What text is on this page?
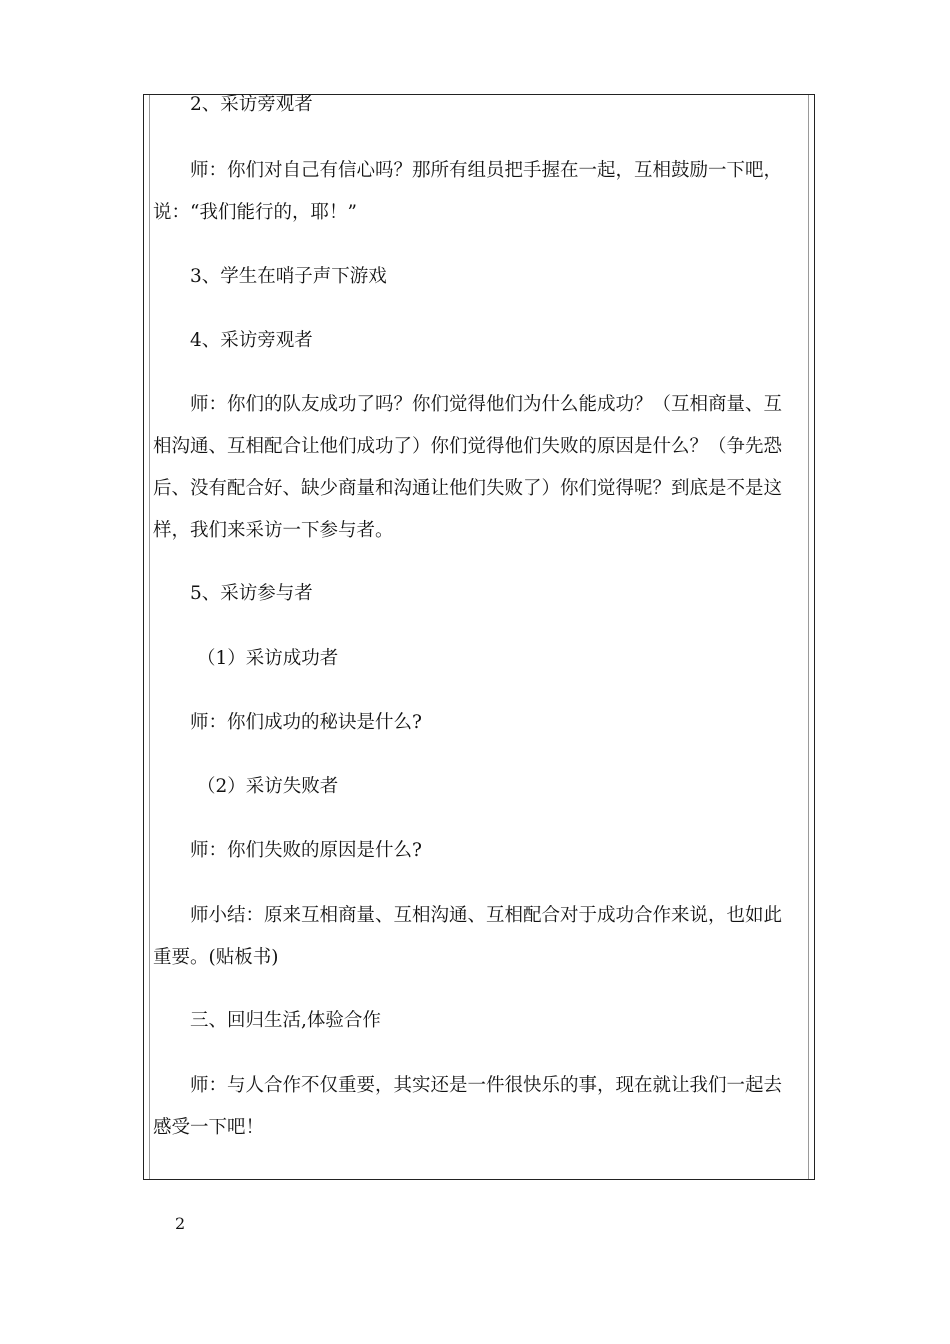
2、采访旁观者
师：你们对自己有信心吗？那所有组员把手握在一起，互相鼓励一下吧，
说：“我们能行的，耶！”
3、学生在哨子声下游戏
4、采访旁观者
师：你们的队友成功了吗？你们觉得他们为什么能成功？（互相商量、互
相沟通、互相配合让他们成功了）你们觉得他们失败的原因是什么？（争先恐
后、没有配合好、缺少商量和沟通让他们失败了）你们觉得呢？到底是不是这
样，我们来采访一下参与者。
5、采访参与者
（1）采访成功者
师：你们成功的秘诀是什么?
（2）采访失败者
师：你们失败的原因是什么?
师小结：原来互相商量、互相沟通、互相配合对于成功合作来说，也如此
重要。(贴板书)
三、回归生活,体验合作
师：与人合作不仅重要，其实还是一件很快乐的事，现在就让我们一起去
感受一下吧！
2
